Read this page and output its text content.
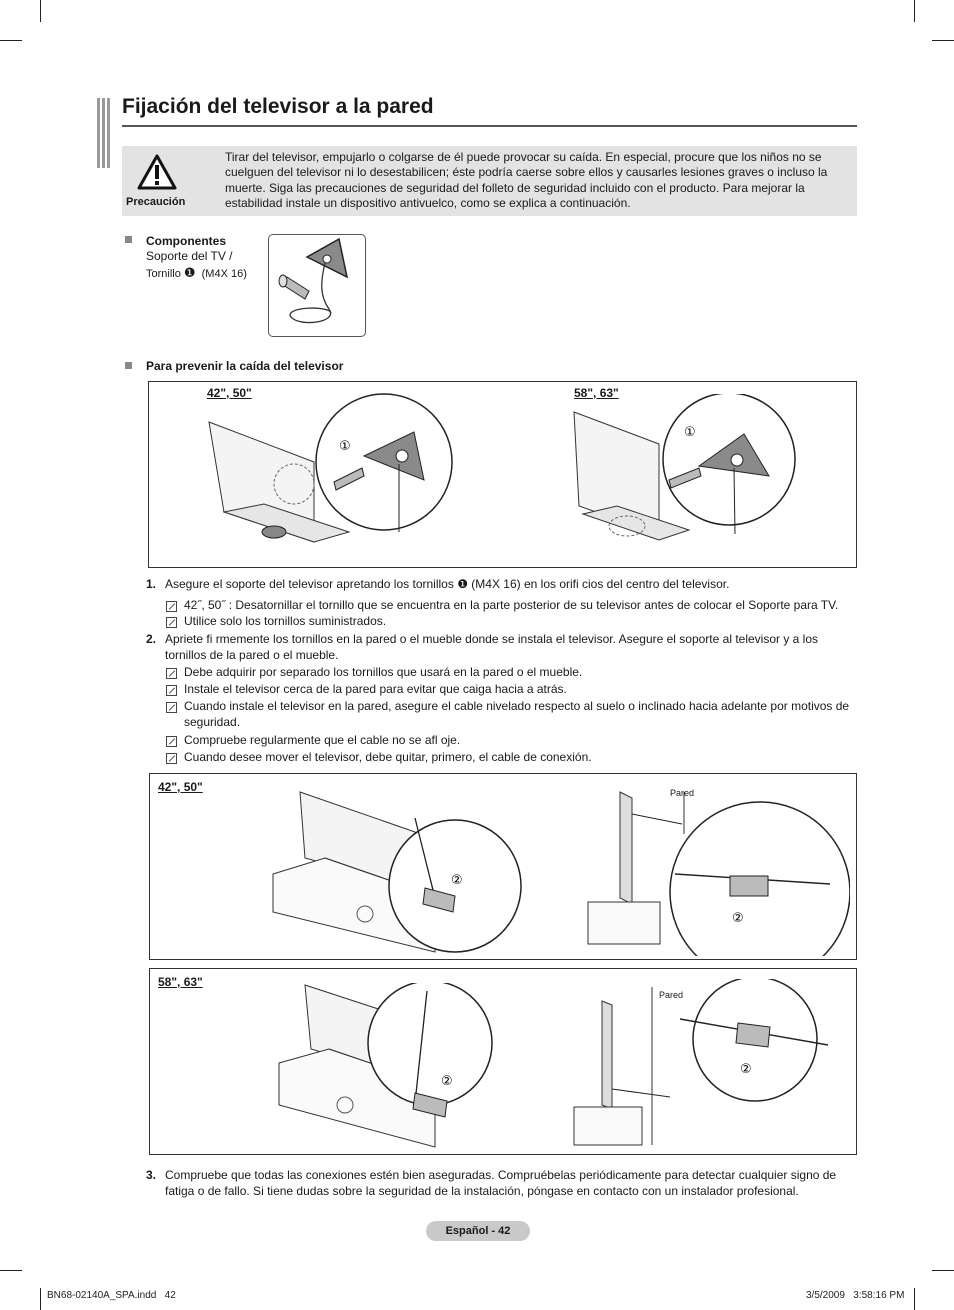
Fijación del televisor a la pared
Precaución
Tirar del televisor, empujarlo o colgarse de él puede provocar su caída. En especial, procure que los niños no se cuelguen del televisor ni lo desestabilicen; éste podría caerse sobre ellos y causarles lesiones graves o incluso la muerte. Siga las precauciones de seguridad del folleto de seguridad incluido con el producto. Para mejorar la estabilidad instale un dispositivo antivuelco, como se explica a continuación.
Componentes
Soporte del TV /
Tornillo ❶ (M4X 16)
Para prevenir la caída del televisor
42", 50"	58", 63"
①
①
1. Asegure el soporte del televisor apretando los tornillos ❶ (M4X 16) en los orifi cios del centro del televisor.
42˝, 50˝ : Desatornillar el tornillo que se encuentra en la parte posterior de su televisor antes de colocar el Soporte para TV.
Utilice solo los tornillos suministrados.
2. Apriete fi rmemente los tornillos en la pared o el mueble donde se instala el televisor. Asegure el soporte al televisor y a los tornillos de la pared o el mueble.
Debe adquirir por separado los tornillos que usará en la pared o el mueble.
Instale el televisor cerca de la pared para evitar que caiga hacia a atrás.
Cuando instale el televisor en la pared, asegure el cable nivelado respecto al suelo o inclinado hacia adelante por motivos de seguridad.
Compruebe regularmente que el cable no se afl oje.
Cuando desee mover el televisor, debe quitar, primero, el cable de conexión.
42", 50"
②
②
Pared
58", 63"
②
②
Pared
3. Compruebe que todas las conexiones estén bien aseguradas. Compruébelas periódicamente para detectar cualquier signo de fatiga o de fallo. Si tiene dudas sobre la seguridad de la instalación, póngase en contacto con un instalador profesional.
Español - 42
BN68-02140A_SPA.indd   42	3/5/2009   3:58:16 PM
